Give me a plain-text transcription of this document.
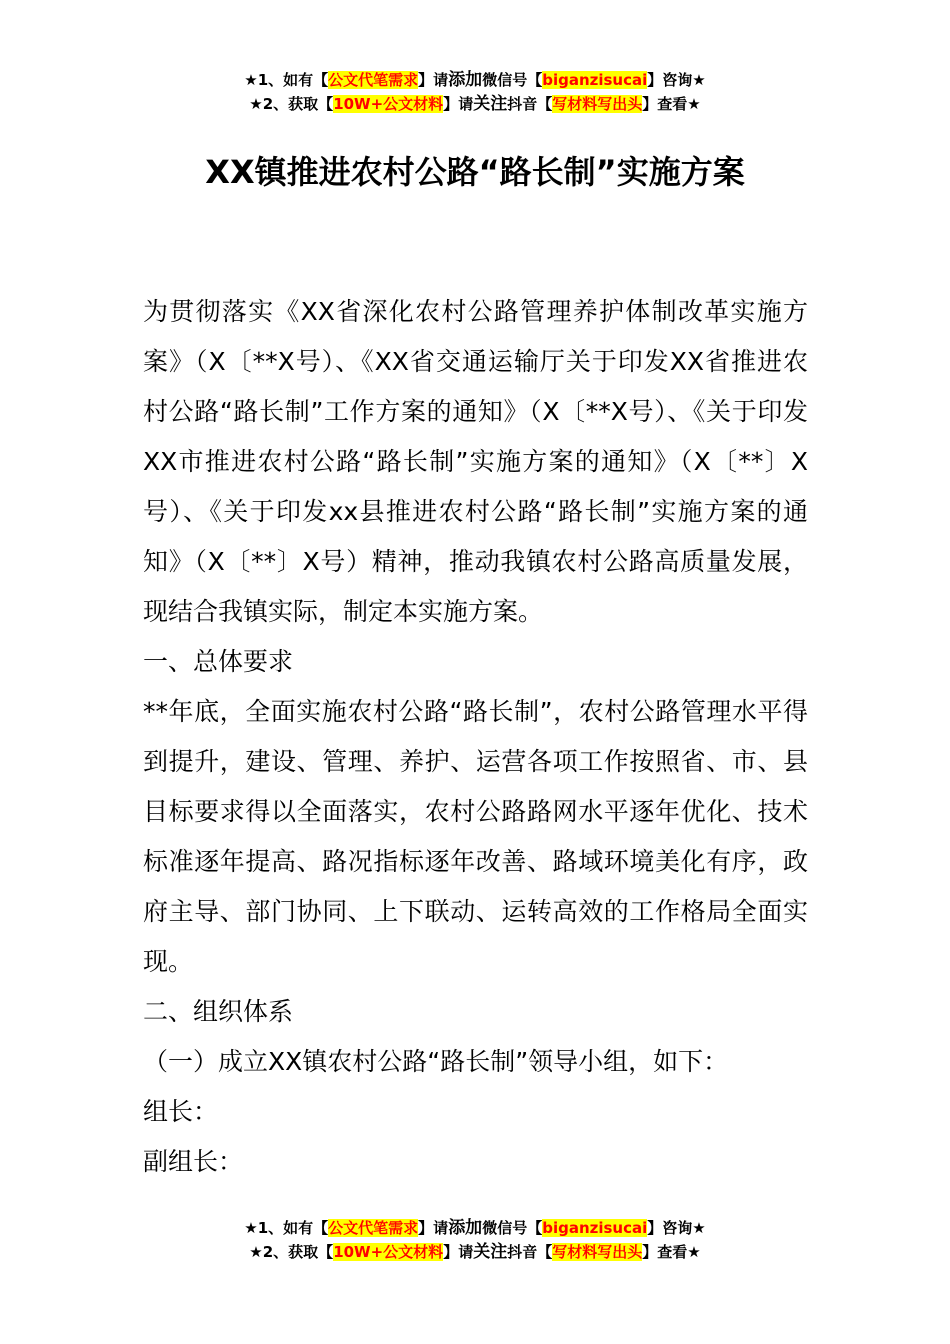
★1、如有【公文代笔需求】请添加微信号【biganzisucai】咨询★
★2、获取【10W+公文材料】请关注抖音【写材料写出头】查看★
XX镇推进农村公路“路长制”实施方案

为贯彻落实《XX省深化农村公路管理养护体制改革实施方案》（X〔**X号）、《XX省交通运输厅关于印发XX省推进农村公路“路长制”工作方案的通知》（X〔**X号）、《关于印发XX市推进农村公路“路长制”实施方案的通知》（X〔**〕X号）、《关于印发xx县推进农村公路“路长制”实施方案的通知》（X〔**〕X号）精神，推动我镇农村公路高质量发展，现结合我镇实际，制定本实施方案。

一、总体要求

**年底，全面实施农村公路“路长制”，农村公路管理水平得到提升，建设、管理、养护、运营各项工作按照省、市、县目标要求得以全面落实，农村公路路网水平逐年优化、技术标准逐年提高、路况指标逐年改善、路域环境美化有序，政府主导、部门协同、上下联动、运转高效的工作格局全面实现。

二、组织体系

（一）成立XX镇农村公路“路长制”领导小组，如下：

组长：

副组长：

★1、如有【公文代笔需求】请添加微信号【biganzisucai】咨询★
★2、获取【10W+公文材料】请关注抖音【写材料写出头】查看★
